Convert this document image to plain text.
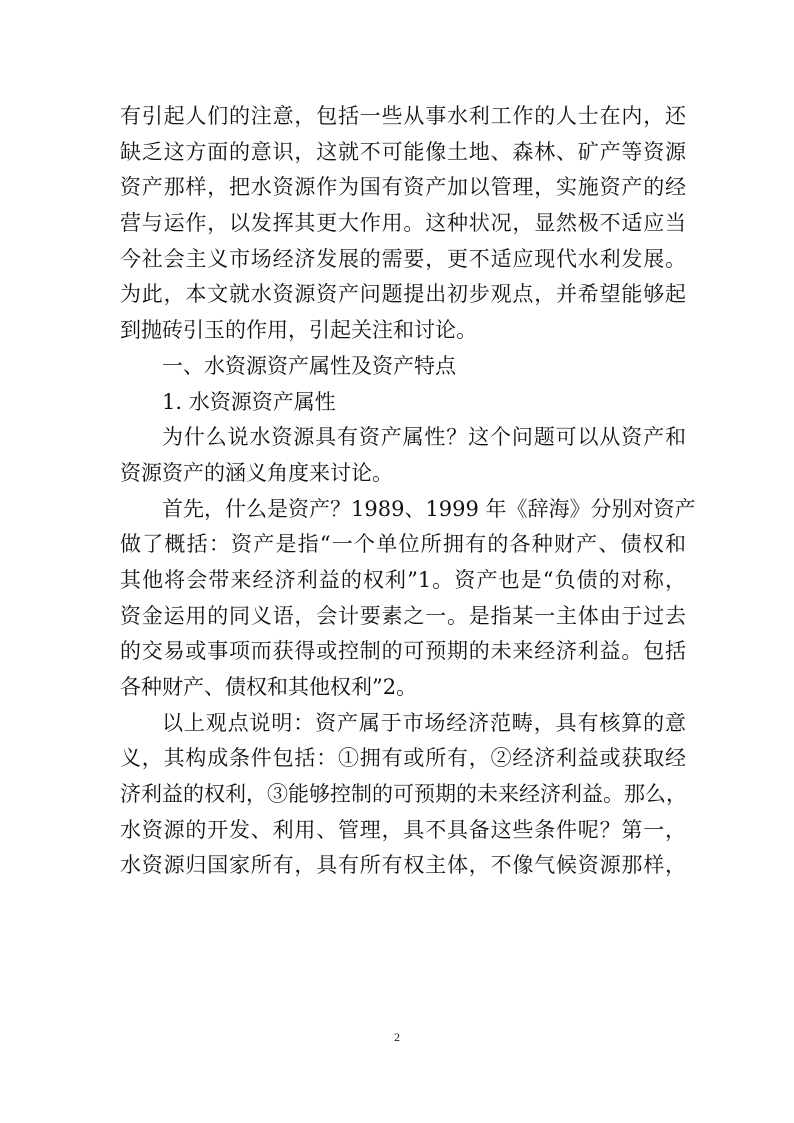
有引起人们的注意，包括一些从事水利工作的人士在内，还
缺乏这方面的意识，这就不可能像土地、森林、矿产等资源
资产那样，把水资源作为国有资产加以管理，实施资产的经
营与运作，以发挥其更大作用。这种状况，显然极不适应当
今社会主义市场经济发展的需要，更不适应现代水利发展。
为此，本文就水资源资产问题提出初步观点，并希望能够起
到抛砖引玉的作用，引起关注和讨论。
一、水资源资产属性及资产特点
1. 水资源资产属性
为什么说水资源具有资产属性？这个问题可以从资产和
资源资产的涵义角度来讨论。
首先，什么是资产？1989、1999 年《辞海》分别对资产
做了概括：资产是指“一个单位所拥有的各种财产、债权和
其他将会带来经济利益的权利”1。资产也是“负债的对称，
资金运用的同义语，会计要素之一。是指某一主体由于过去
的交易或事项而获得或控制的可预期的未来经济利益。包括
各种财产、债权和其他权利”2。
以上观点说明：资产属于市场经济范畴，具有核算的意
义，其构成条件包括：①拥有或所有，②经济利益或获取经
济利益的权利，③能够控制的可预期的未来经济利益。那么，
水资源的开发、利用、管理，具不具备这些条件呢？第一，
水资源归国家所有，具有所有权主体，不像气候资源那样，
2
